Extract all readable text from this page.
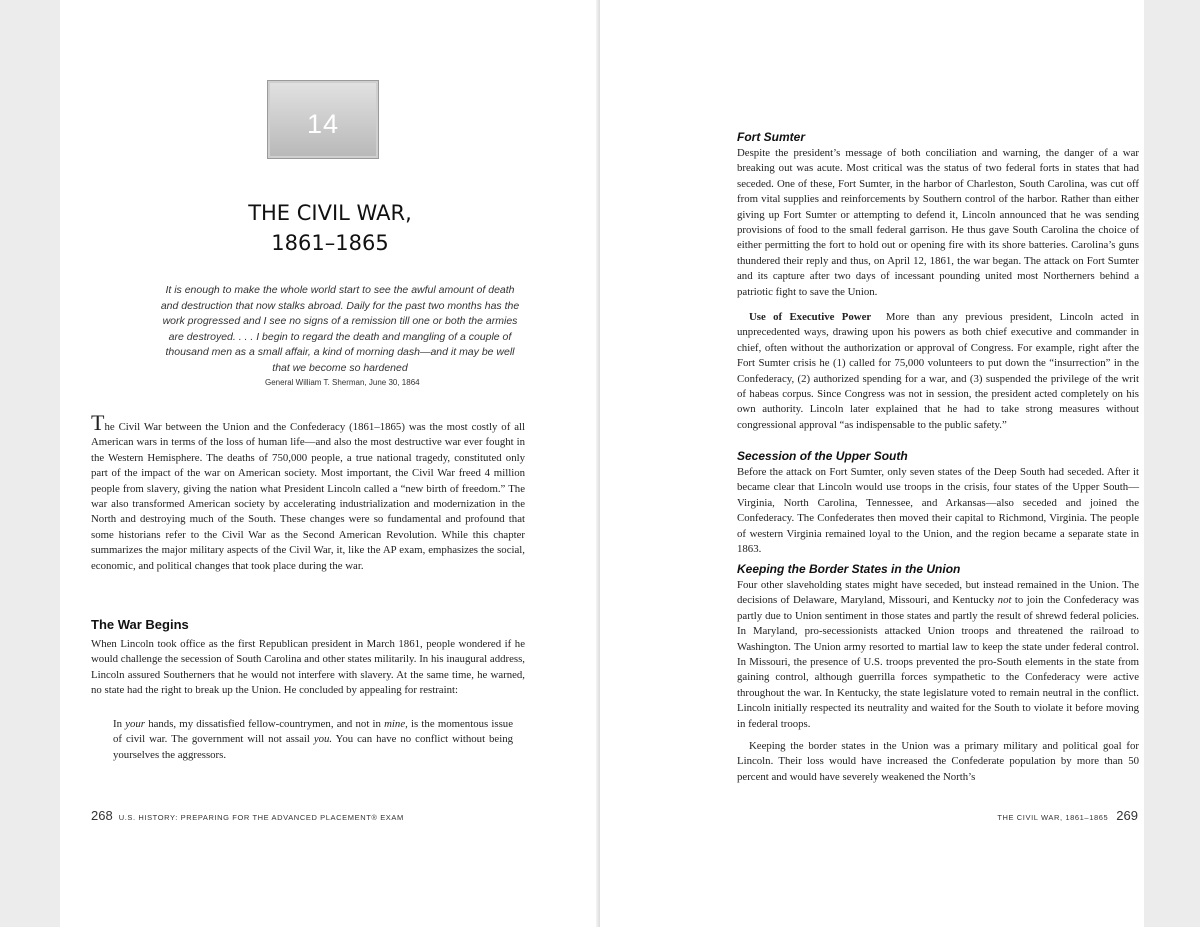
14
THE CIVIL WAR,
1861–1865
It is enough to make the whole world start to see the awful amount of death and destruction that now stalks abroad. Daily for the past two months has the work progressed and I see no signs of a remission till one or both the armies are destroyed. . . . I begin to regard the death and mangling of a couple of thousand men as a small affair, a kind of morning dash—and it may be well that we become so hardened
General William T. Sherman, June 30, 1864
The Civil War between the Union and the Confederacy (1861–1865) was the most costly of all American wars in terms of the loss of human life—and also the most destructive war ever fought in the Western Hemisphere. The deaths of 750,000 people, a true national tragedy, constituted only part of the impact of the war on American society. Most important, the Civil War freed 4 million people from slavery, giving the nation what President Lincoln called a “new birth of freedom.” The war also transformed American society by accelerating industrialization and modernization in the North and destroying much of the South. These changes were so fundamental and profound that some historians refer to the Civil War as the Second American Revolution. While this chapter summarizes the major military aspects of the Civil War, it, like the AP exam, emphasizes the social, economic, and political changes that took place during the war.
The War Begins
When Lincoln took office as the first Republican president in March 1861, people wondered if he would challenge the secession of South Carolina and other states militarily. In his inaugural address, Lincoln assured Southerners that he would not interfere with slavery. At the same time, he warned, no state had the right to break up the Union. He concluded by appealing for restraint:
In your hands, my dissatisfied fellow-countrymen, and not in mine, is the momentous issue of civil war. The government will not assail you. You can have no conflict without being yourselves the aggressors.
268 U.S. HISTORY: PREPARING FOR THE ADVANCED PLACEMENT® EXAM
Fort Sumter
Despite the president’s message of both conciliation and warning, the danger of a war breaking out was acute. Most critical was the status of two federal forts in states that had seceded. One of these, Fort Sumter, in the harbor of Charleston, South Carolina, was cut off from vital supplies and reinforcements by Southern control of the harbor. Rather than either giving up Fort Sumter or attempting to defend it, Lincoln announced that he was sending provisions of food to the small federal garrison. He thus gave South Carolina the choice of either permitting the fort to hold out or opening fire with its shore batteries. Carolina’s guns thundered their reply and thus, on April 12, 1861, the war began. The attack on Fort Sumter and its capture after two days of incessant pounding united most Northerners behind a patriotic fight to save the Union.
Use of Executive Power More than any previous president, Lincoln acted in unprecedented ways, drawing upon his powers as both chief executive and commander in chief, often without the authorization or approval of Congress. For example, right after the Fort Sumter crisis he (1) called for 75,000 volunteers to put down the “insurrection” in the Confederacy, (2) authorized spending for a war, and (3) suspended the privilege of the writ of habeas corpus. Since Congress was not in session, the president acted completely on his own authority. Lincoln later explained that he had to take strong measures without congressional approval “as indispensable to the public safety.”
Secession of the Upper South
Before the attack on Fort Sumter, only seven states of the Deep South had seceded. After it became clear that Lincoln would use troops in the crisis, four states of the Upper South—Virginia, North Carolina, Tennessee, and Arkansas—also seceded and joined the Confederacy. The Confederates then moved their capital to Richmond, Virginia. The people of western Virginia remained loyal to the Union, and the region became a separate state in 1863.
Keeping the Border States in the Union
Four other slaveholding states might have seceded, but instead remained in the Union. The decisions of Delaware, Maryland, Missouri, and Kentucky not to join the Confederacy was partly due to Union sentiment in those states and partly the result of shrewd federal policies. In Maryland, pro-secessionists attacked Union troops and threatened the railroad to Washington. The Union army resorted to martial law to keep the state under federal control. In Missouri, the presence of U.S. troops prevented the pro-South elements in the state from gaining control, although guerrilla forces sympathetic to the Confederacy were active throughout the war. In Kentucky, the state legislature voted to remain neutral in the conflict. Lincoln initially respected its neutrality and waited for the South to violate it before moving in federal troops.
Keeping the border states in the Union was a primary military and political goal for Lincoln. Their loss would have increased the Confederate population by more than 50 percent and would have severely weakened the North’s
THE CIVIL WAR, 1861–1865 269
